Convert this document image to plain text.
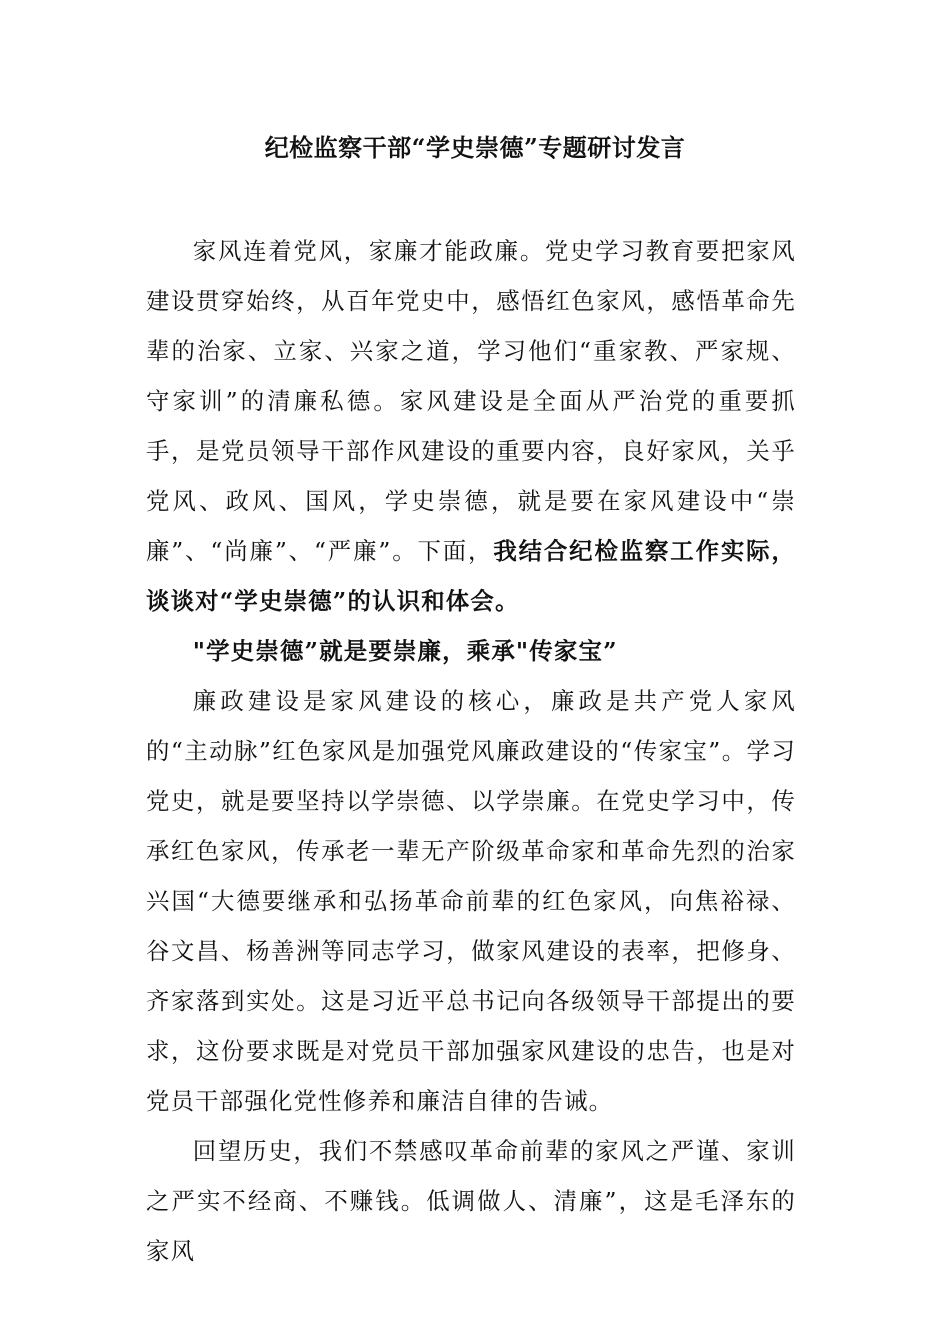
纪检监察干部“学史崇德”专题研讨发言

家风连着党风，家廉才能政廉。党史学习教育要把家风建设贯穿始终，从百年党史中，感悟红色家风，感悟革命先辈的治家、立家、兴家之道，学习他们“重家教、严家规、守家训”的清廉私德。家风建设是全面从严治党的重要抓手，是党员领导干部作风建设的重要内容，良好家风，关乎党风、政风、国风，学史崇德，就是要在家风建设中“崇廉”、“尚廉”、“严廉”。下面，我结合纪检监察工作实际，谈谈对“学史崇德”的认识和体会。

"学史崇德”就是要崇廉，乘承"传家宝”

廉政建设是家风建设的核心，廉政是共产党人家风的“主动脉”红色家风是加强党风廉政建设的“传家宝”。学习党史，就是要坚持以学崇德、以学崇廉。在党史学习中，传承红色家风，传承老一辈无产阶级革命家和革命先烈的治家兴国“大德要继承和弘扬革命前辈的红色家风，向焦裕禄、谷文昌、杨善洲等同志学习，做家风建设的表率，把修身、齐家落到实处。这是习近平总书记向各级领导干部提出的要求，这份要求既是对党员干部加强家风建设的忠告，也是对党员干部强化党性修养和廉洁自律的告诫。

回望历史，我们不禁感叹革命前辈的家风之严谨、家训之严实不经商、不赚钱。低调做人、清廉”，这是毛泽东的家风
